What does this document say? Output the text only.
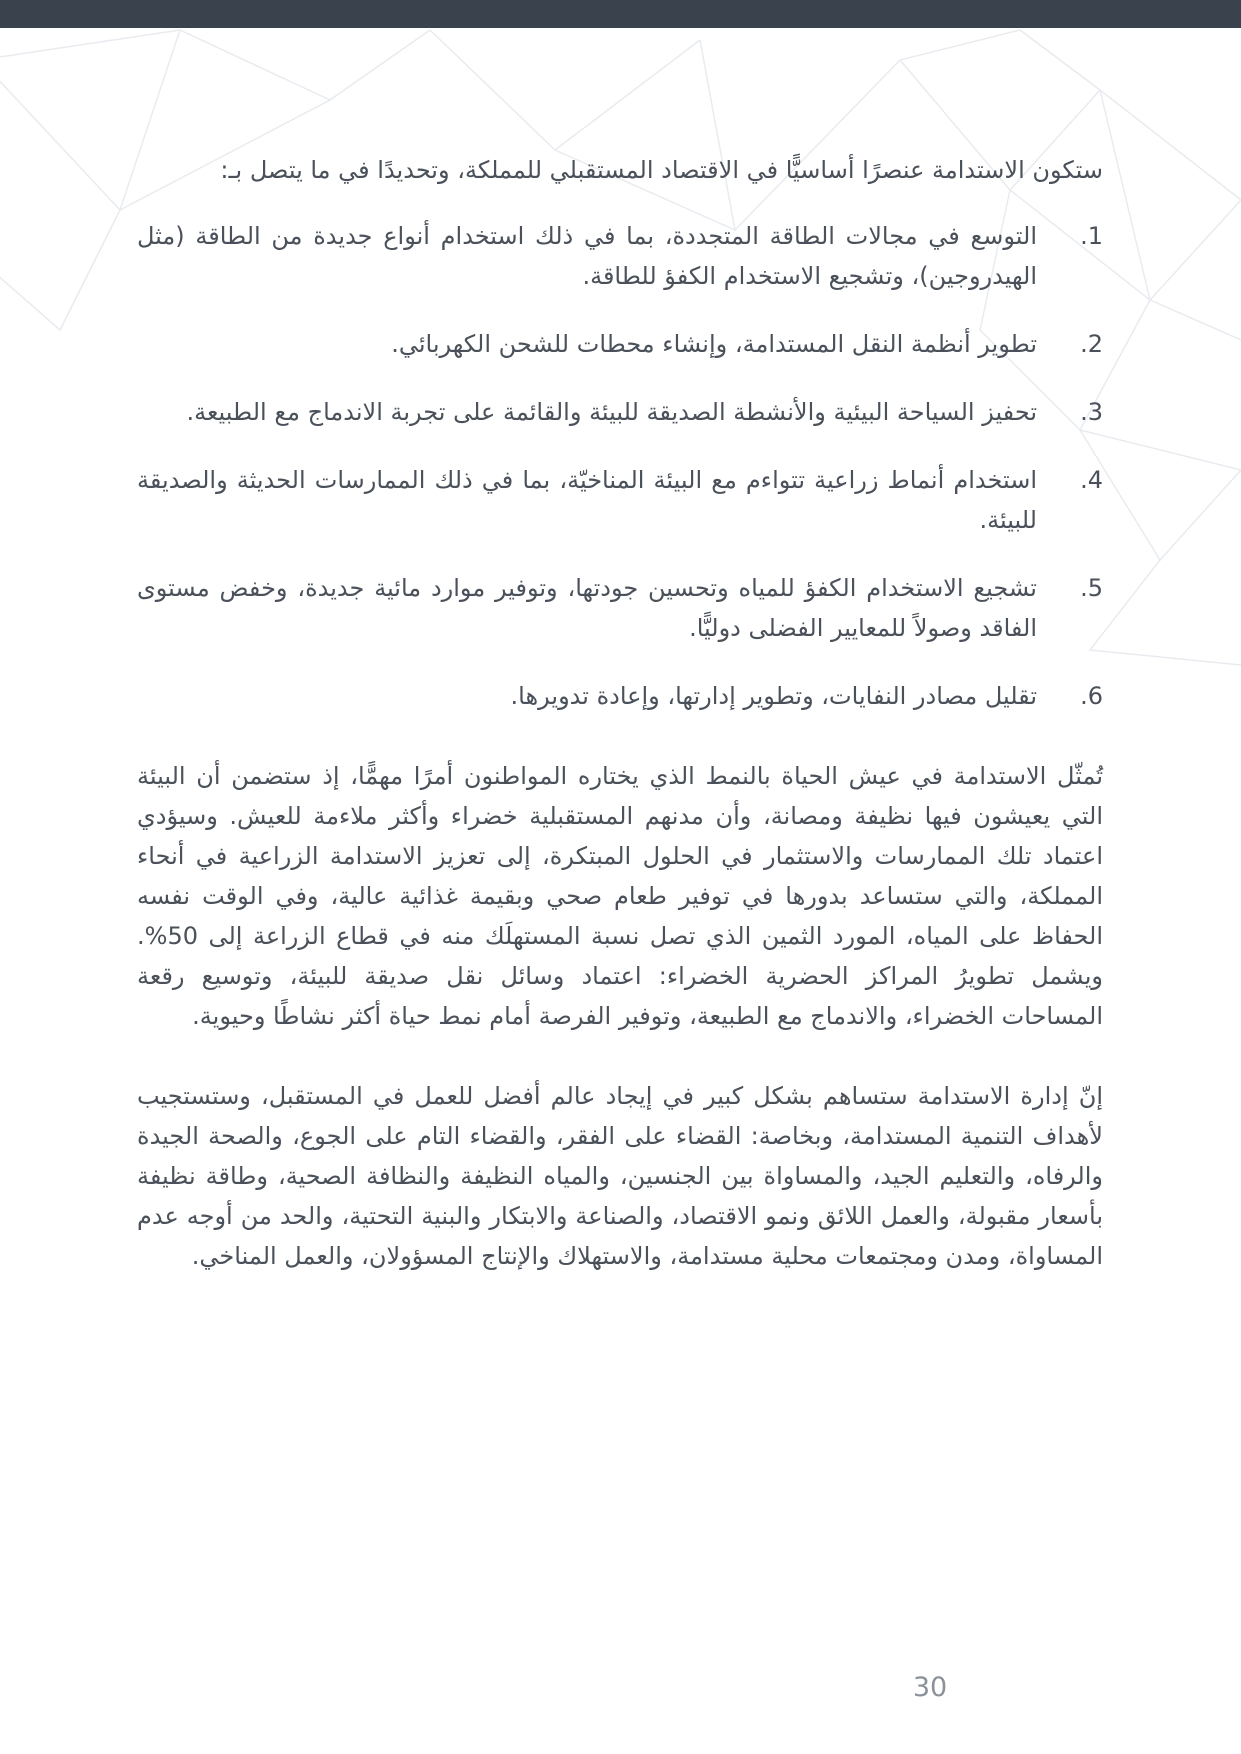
ستكون الاستدامة عنصرًا أساسيًّا في الاقتصاد المستقبلي للمملكة، وتحديدًا في ما يتصل بـ:

1.

التوسع في مجالات الطاقة المتجددة، بما في ذلك استخدام أنواع جديدة من الطاقة (مثل الهيدروجين)، وتشجيع الاستخدام الكفؤ للطاقة.

2.

تطوير أنظمة النقل المستدامة، وإنشاء محطات للشحن الكهربائي.

3.

تحفيز السياحة البيئية والأنشطة الصديقة للبيئة والقائمة على تجربة الاندماج مع الطبيعة.

4.

استخدام أنماط زراعية تتواءم مع البيئة المناخيّة، بما في ذلك الممارسات الحديثة والصديقة للبيئة.

5.

تشجيع الاستخدام الكفؤ للمياه وتحسين جودتها، وتوفير موارد مائية جديدة، وخفض مستوى الفاقد وصولاً للمعايير الفضلى دوليًّا.

6.

تقليل مصادر النفايات، وتطوير إدارتها، وإعادة تدويرها.

تُمثّل الاستدامة في عيش الحياة بالنمط الذي يختاره المواطنون أمرًا مهمًّا، إذ ستضمن أن البيئة التي يعيشون فيها نظيفة ومصانة، وأن مدنهم المستقبلية خضراء وأكثر ملاءمة للعيش. وسيؤدي اعتماد تلك الممارسات والاستثمار في الحلول المبتكرة، إلى تعزيز الاستدامة الزراعية في أنحاء المملكة، والتي ستساعد بدورها في توفير طعام صحي وبقيمة غذائية عالية، وفي الوقت نفسه الحفاظ على المياه، المورد الثمين الذي تصل نسبة المستهلَك منه في قطاع الزراعة إلى 50%. ويشمل تطويرُ المراكز الحضرية الخضراء: اعتماد وسائل نقل صديقة للبيئة، وتوسيع رقعة المساحات الخضراء، والاندماج مع الطبيعة، وتوفير الفرصة أمام نمط حياة أكثر نشاطًا وحيوية.

إنّ إدارة الاستدامة ستساهم بشكل كبير في إيجاد عالم أفضل للعمل في المستقبل، وستستجيب لأهداف التنمية المستدامة، وبخاصة: القضاء على الفقر، والقضاء التام على الجوع، والصحة الجيدة والرفاه، والتعليم الجيد، والمساواة بين الجنسين، والمياه النظيفة والنظافة الصحية، وطاقة نظيفة بأسعار مقبولة، والعمل اللائق ونمو الاقتصاد، والصناعة والابتكار والبنية التحتية، والحد من أوجه عدم المساواة، ومدن ومجتمعات محلية مستدامة، والاستهلاك والإنتاج المسؤولان، والعمل المناخي.

30
